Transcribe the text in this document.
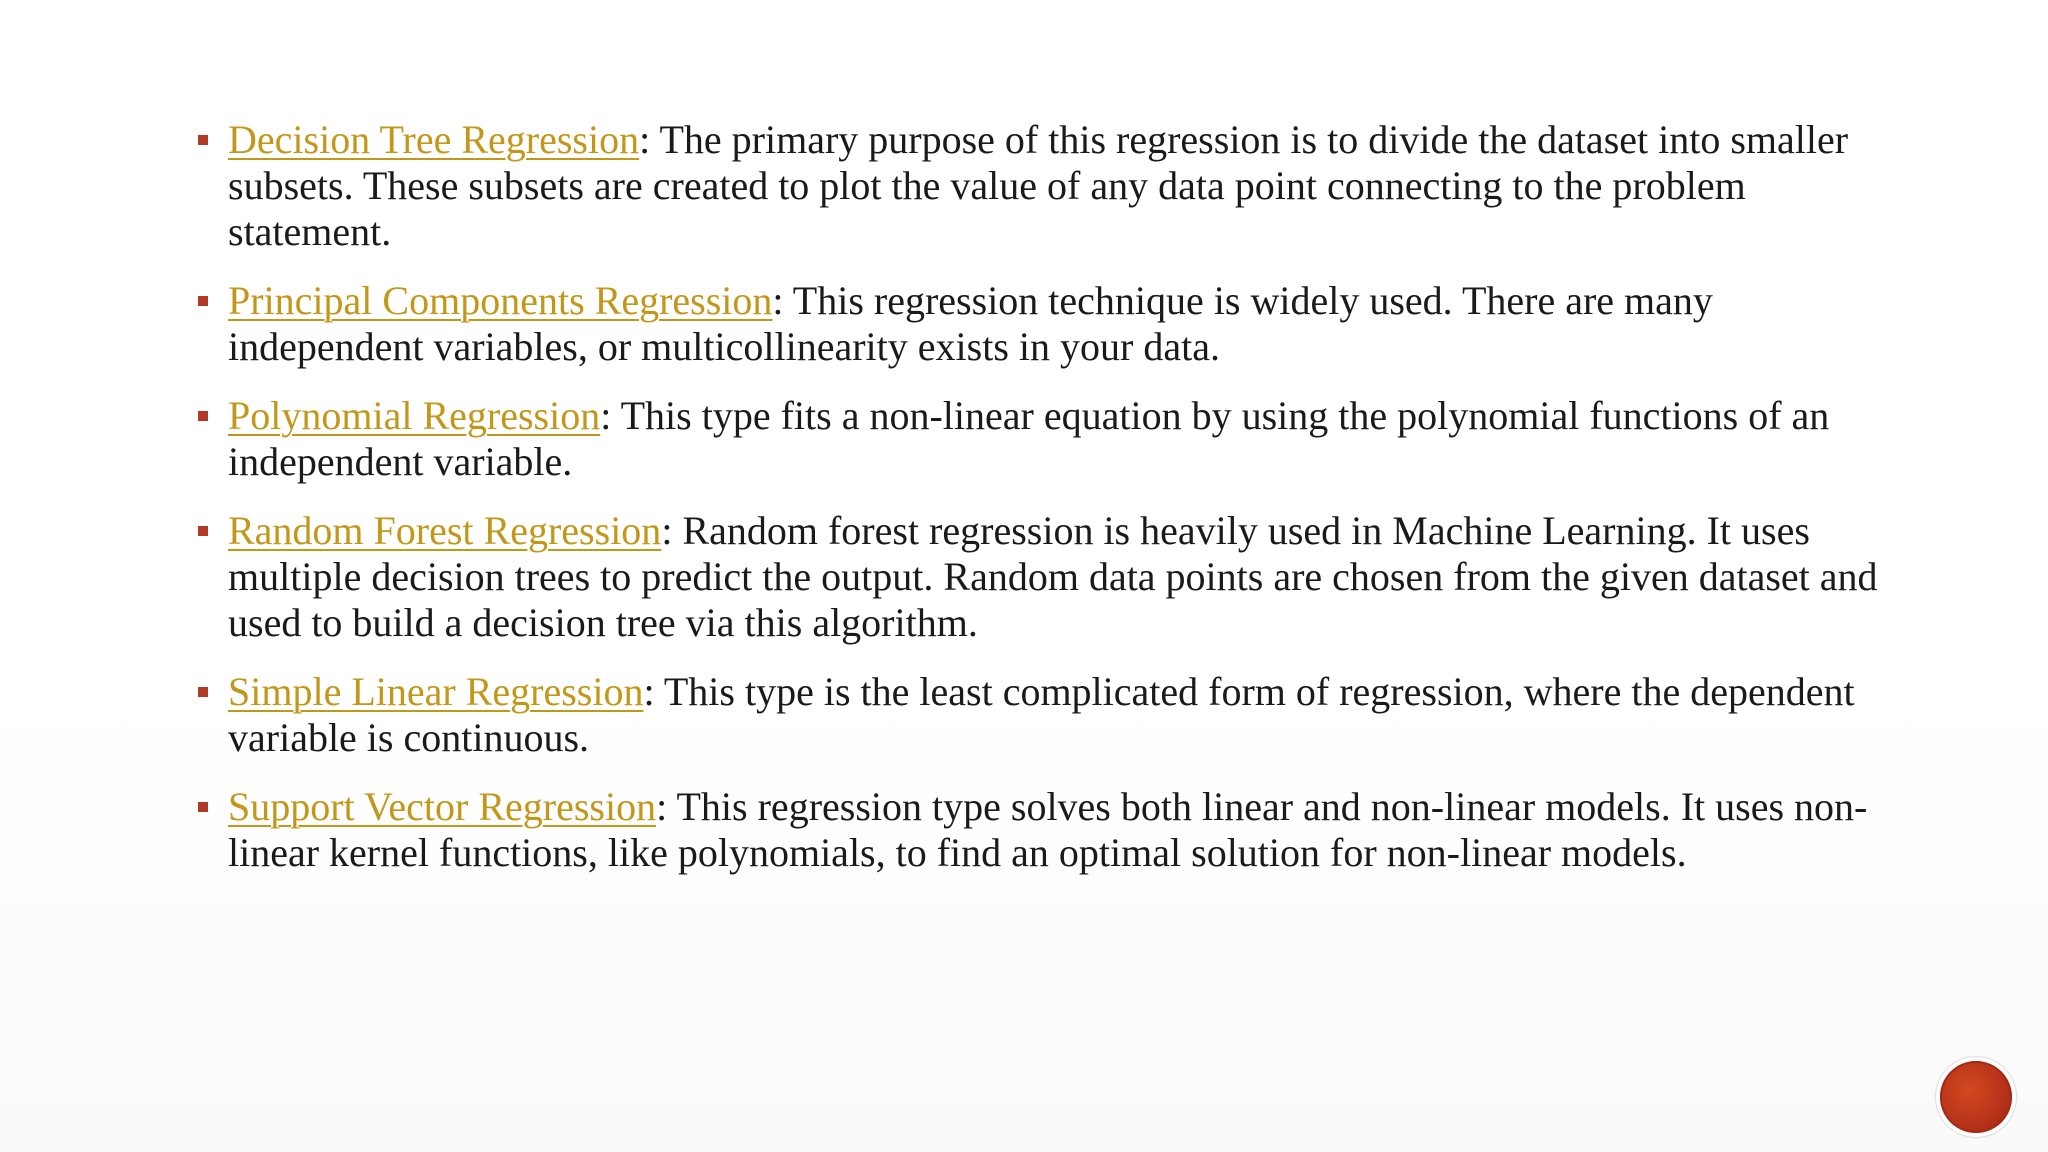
Decision Tree Regression: The primary purpose of this regression is to divide the dataset into smaller subsets. These subsets are created to plot the value of any data point connecting to the problem statement.
Principal Components Regression: This regression technique is widely used. There are many independent variables, or multicollinearity exists in your data.
Polynomial Regression: This type fits a non-linear equation by using the polynomial functions of an independent variable.
Random Forest Regression: Random forest regression is heavily used in Machine Learning. It uses multiple decision trees to predict the output. Random data points are chosen from the given dataset and used to build a decision tree via this algorithm.
Simple Linear Regression: This type is the least complicated form of regression, where the dependent variable is continuous.
Support Vector Regression: This regression type solves both linear and non-linear models. It uses non-linear kernel functions, like polynomials, to find an optimal solution for non-linear models.
